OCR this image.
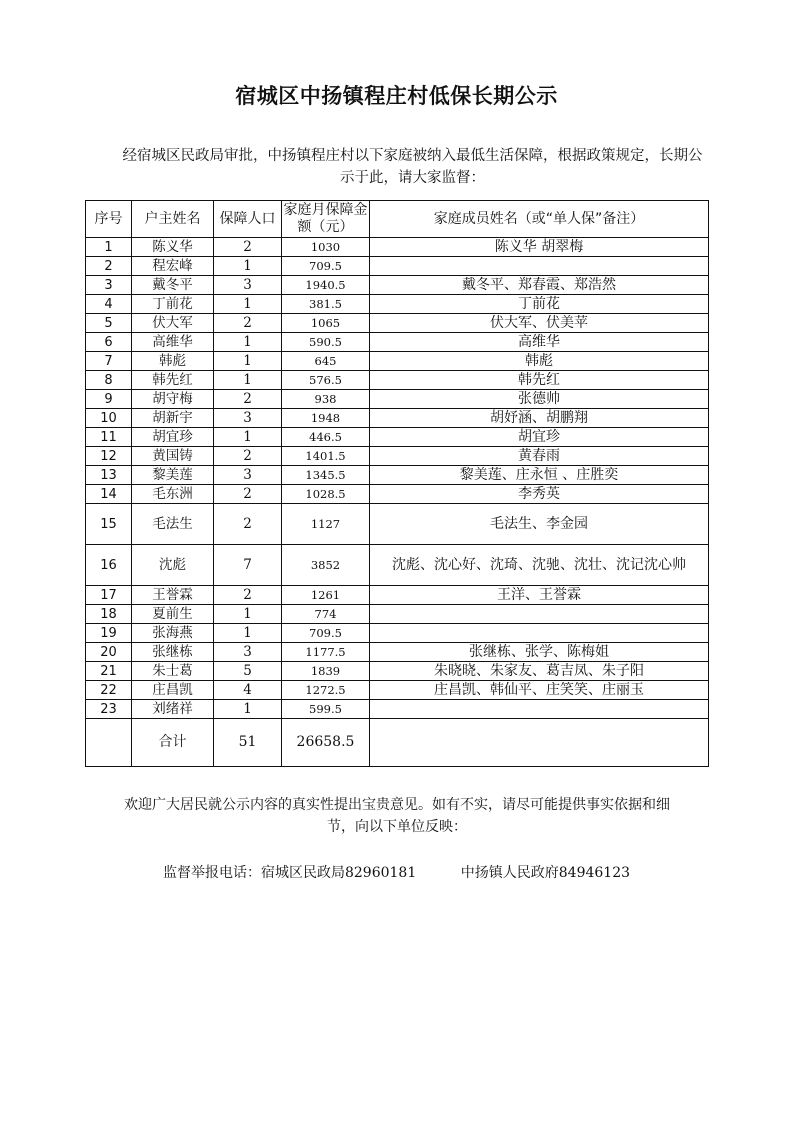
宿城区中扬镇程庄村低保长期公示
经宿城区民政局审批，中扬镇程庄村以下家庭被纳入最低生活保障，根据政策规定，长期公示于此，请大家监督：
序号	户主姓名	保障人口	家庭月保障金额（元）	家庭成员姓名（或“单人保”备注）
1	陈义华	2	1030	陈义华 胡翠梅
2	程宏峰	1	709.5	
3	戴冬平	3	1940.5	戴冬平、郑春霞、郑浩然
4	丁前花	1	381.5	丁前花
5	伏大军	2	1065	伏大军、伏美苹
6	高维华	1	590.5	高维华
7	韩彪	1	645	韩彪
8	韩先红	1	576.5	韩先红
9	胡守梅	2	938	张德帅
10	胡新宇	3	1948	胡妤涵、胡鹏翔
11	胡宜珍	1	446.5	胡宜珍
12	黄国铸	2	1401.5	黄春雨
13	黎美莲	3	1345.5	黎美莲、庄永恒 、庄胜奕
14	毛东洲	2	1028.5	李秀英
15	毛法生	2	1127	毛法生、李金园
16	沈彪	7	3852	沈彪、沈心好、沈琦、沈驰、沈壮、沈记沈心帅
17	王誉霖	2	1261	王洋、王誉霖
18	夏前生	1	774	
19	张海燕	1	709.5	
20	张继栋	3	1177.5	张继栋、张学、陈梅姐
21	朱士葛	5	1839	朱晓晓、朱家友、葛吉凤、朱子阳
22	庄昌凯	4	1272.5	庄昌凯、韩仙平、庄笑笑、庄丽玉
23	刘绪祥	1	599.5	
	合计	51	26658.5	
欢迎广大居民就公示内容的真实性提出宝贵意见。如有不实，请尽可能提供事实依据和细节，向以下单位反映：
监督举报电话：宿城区民政局82960181	中扬镇人民政府84946123
